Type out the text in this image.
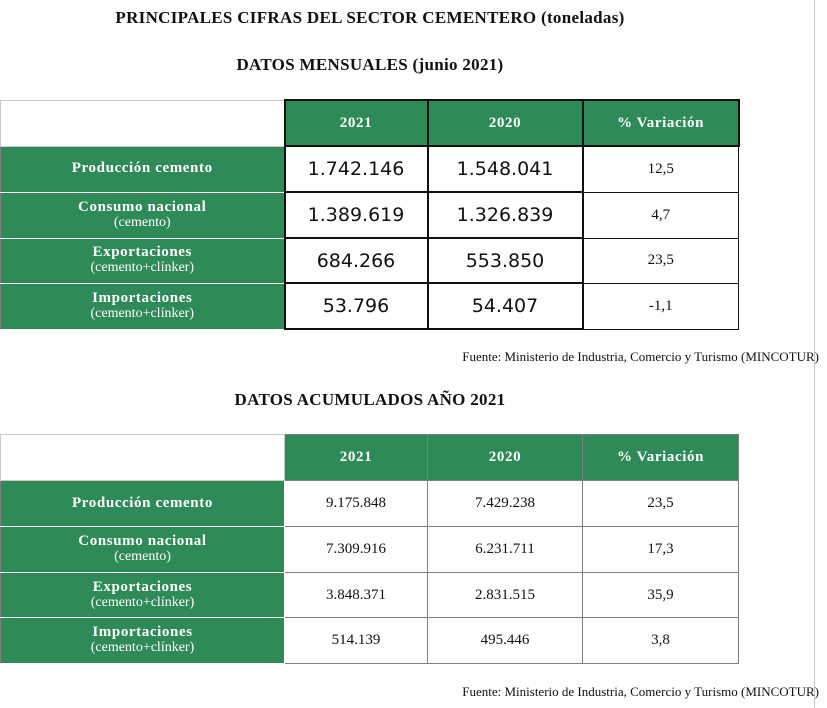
PRINCIPALES CIFRAS DEL SECTOR CEMENTERO (toneladas)
DATOS MENSUALES (junio 2021)
	2021	2020	% Variación

Producción cemento	1.742.146	1.548.041	12,5

Consumo nacional
(cemento)	1.389.619	1.326.839	4,7

Exportaciones
(cemento+clínker)	684.266	553.850	23,5

Importaciones
(cemento+clínker)	53.796	54.407	-1,1
Fuente: Ministerio de Industria, Comercio y Turismo (MINCOTUR)
DATOS ACUMULADOS AÑO 2021
	2021	2020	% Variación

Producción cemento	9.175.848	7.429.238	23,5

Consumo nacional
(cemento)	7.309.916	6.231.711	17,3

Exportaciones
(cemento+clínker)	3.848.371	2.831.515	35,9

Importaciones
(cemento+clínker)	514.139	495.446	3,8
Fuente: Ministerio de Industria, Comercio y Turismo (MINCOTUR)
